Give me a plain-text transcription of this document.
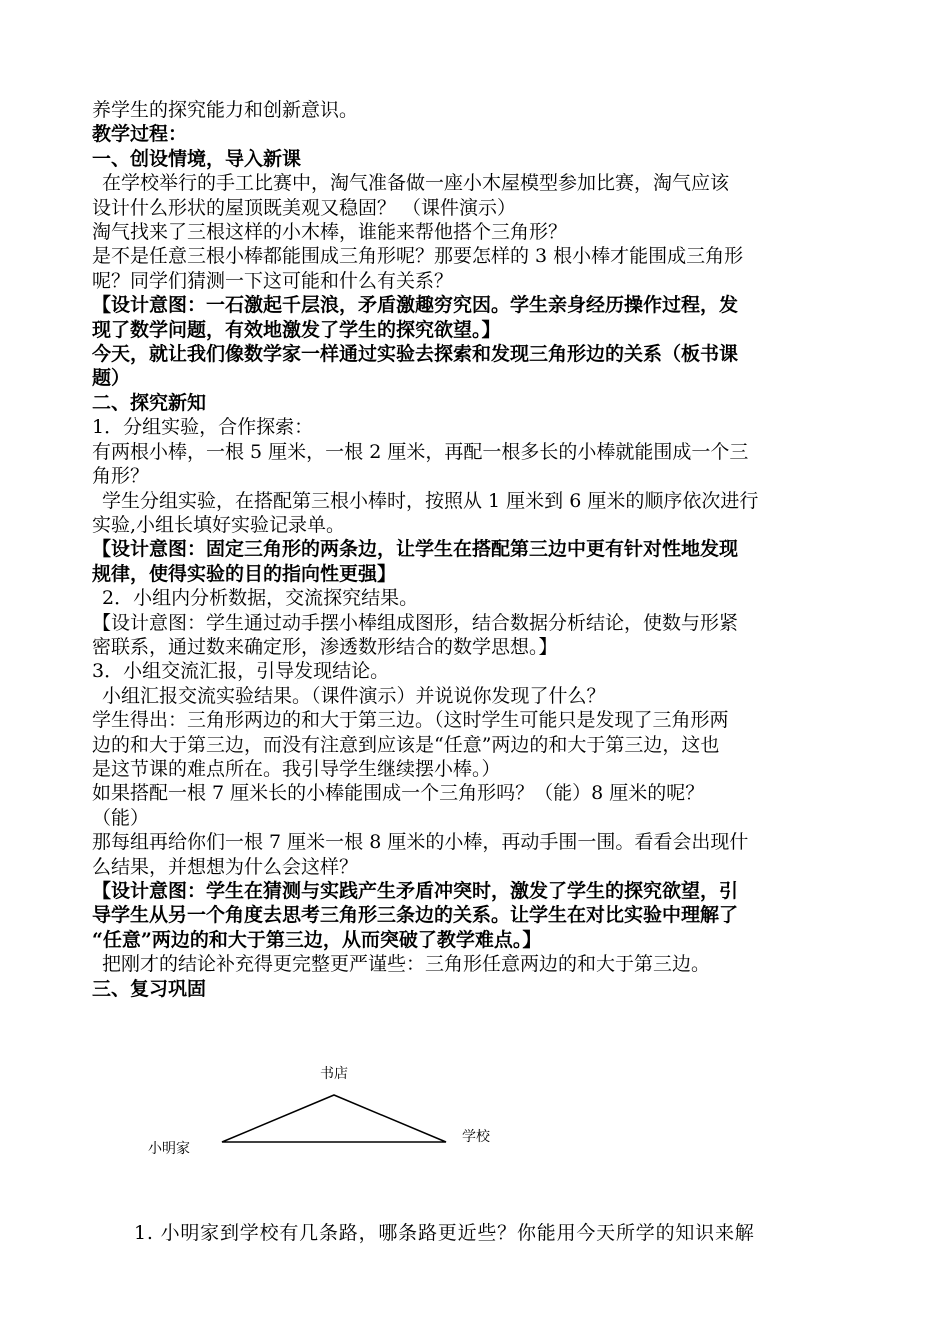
养学生的探究能力和创新意识。
教学过程：
一、创设情境，导入新课
在学校举行的手工比赛中，淘气准备做一座小木屋模型参加比赛，淘气应该
设计什么形状的屋顶既美观又稳固？ （课件演示）
淘气找来了三根这样的小木棒，谁能来帮他搭个三角形？
是不是任意三根小棒都能围成三角形呢？那要怎样的 3 根小棒才能围成三角形
呢？同学们猜测一下这可能和什么有关系？
【设计意图：一石激起千层浪，矛盾激趣穷究因。学生亲身经历操作过程，发
现了数学问题，有效地激发了学生的探究欲望。】
今天，就让我们像数学家一样通过实验去探索和发现三角形边的关系（板书课
题）
二、探究新知
1．分组实验，合作探索：
有两根小棒，一根 5 厘米，一根 2 厘米，再配一根多长的小棒就能围成一个三
角形？
学生分组实验，在搭配第三根小棒时，按照从 1 厘米到 6 厘米的顺序依次进行
实验,小组长填好实验记录单。
【设计意图：固定三角形的两条边，让学生在搭配第三边中更有针对性地发现
规律，使得实验的目的指向性更强】
2．小组内分析数据，交流探究结果。
【设计意图：学生通过动手摆小棒组成图形，结合数据分析结论，使数与形紧
密联系，通过数来确定形，渗透数形结合的数学思想。】
3．小组交流汇报，引导发现结论。
小组汇报交流实验结果。（课件演示）并说说你发现了什么？
学生得出：三角形两边的和大于第三边。（这时学生可能只是发现了三角形两
边的和大于第三边，而没有注意到应该是“任意”两边的和大于第三边，这也
是这节课的难点所在。我引导学生继续摆小棒。）
如果搭配一根 7 厘米长的小棒能围成一个三角形吗？（能）8 厘米的呢？
（能）
那每组再给你们一根 7 厘米一根 8 厘米的小棒，再动手围一围。看看会出现什
么结果，并想想为什么会这样？
【设计意图：学生在猜测与实践产生矛盾冲突时，激发了学生的探究欲望，引
导学生从另一个角度去思考三角形三条边的关系。让学生在对比实验中理解了
“任意”两边的和大于第三边，从而突破了教学难点。】
把刚才的结论补充得更完整更严谨些：三角形任意两边的和大于第三边。
三、复习巩固
书店
小明家
学校
1. 小明家到学校有几条路，哪条路更近些？你能用今天所学的知识来解
